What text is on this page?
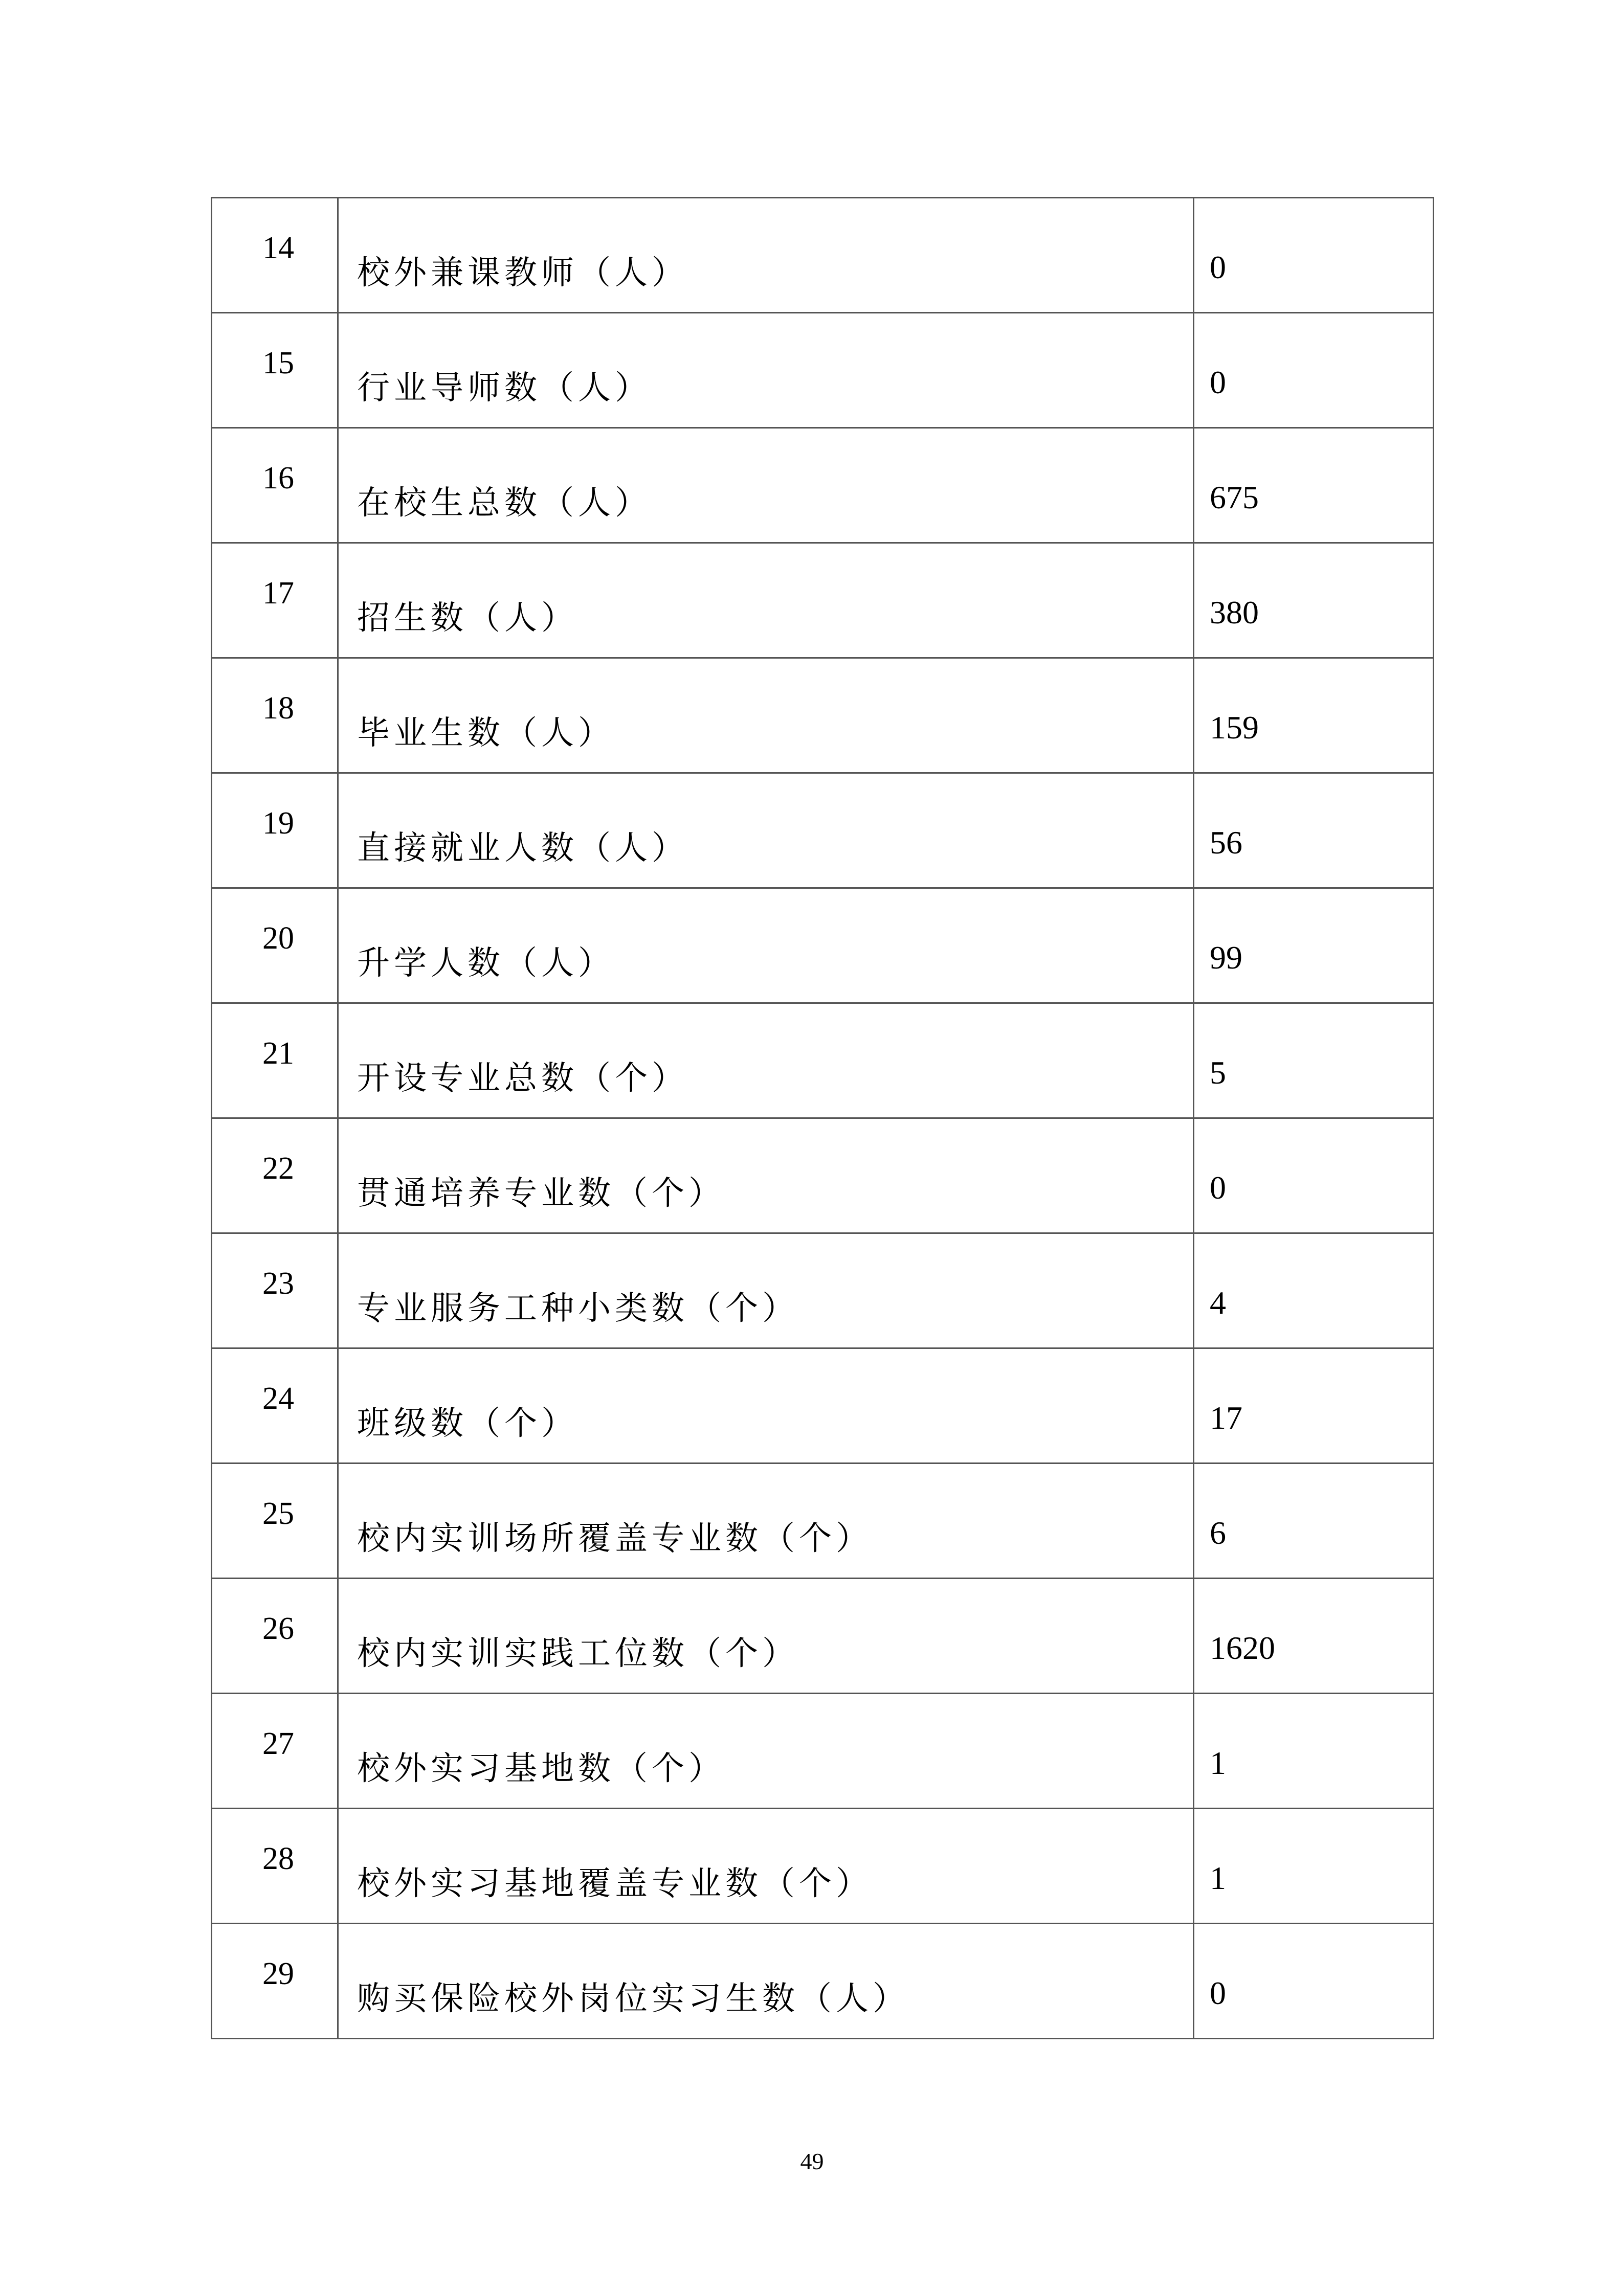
14	校外兼课教师（人）	0

15	行业导师数（人）	0

16	在校生总数（人）	675

17	招生数（人）	380

18	毕业生数（人）	159

19	直接就业人数（人）	56

20	升学人数（人）	99

21	开设专业总数（个）	5

22	贯通培养专业数（个）	0

23	专业服务工种小类数（个）	4

24	班级数（个）	17

25	校内实训场所覆盖专业数（个）	6

26	校内实训实践工位数（个）	1620

27	校外实习基地数（个）	1

28	校外实习基地覆盖专业数（个）	1

29	购买保险校外岗位实习生数（人）	0
49
